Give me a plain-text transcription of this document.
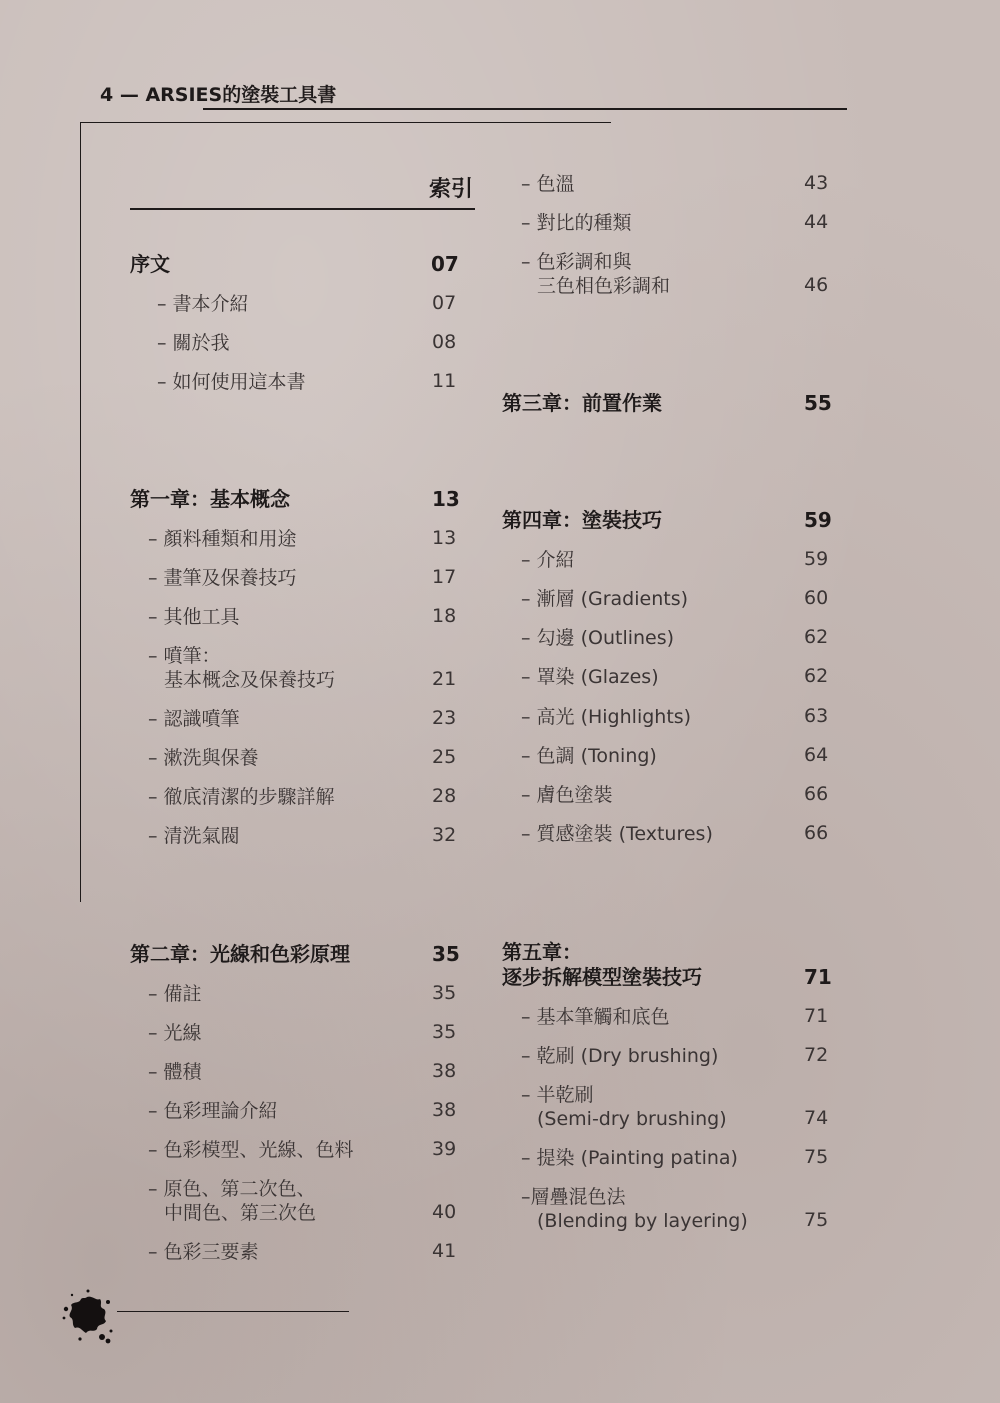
4 — ARSIES的塗裝工具書
索引
序文	07
– 書本介紹	07
– 關於我	08
– 如何使用這本書	11
第一章：基本概念	13
– 顏料種類和用途	13
– 畫筆及保養技巧	17
– 其他工具	18
– 噴筆：
基本概念及保養技巧	21
– 認識噴筆	23
– 漱洗與保養	25
– 徹底清潔的步驟詳解	28
– 清洗氣閥	32
第二章：光線和色彩原理	35
– 備註	35
– 光線	35
– 體積	38
– 色彩理論介紹	38
– 色彩模型、光線、色料	39
– 原色、第二次色、
中間色、第三次色	40
– 色彩三要素	41
– 色溫	43
– 對比的種類	44
– 色彩調和與
三色相色彩調和	46
第三章：前置作業	55
第四章：塗裝技巧	59
– 介紹	59
– 漸層 (Gradients)	60
– 勾邊 (Outlines)	62
– 罩染 (Glazes)	62
– 高光 (Highlights)	63
– 色調 (Toning)	64
– 膚色塗裝	66
– 質感塗裝 (Textures)	66
第五章：
逐步拆解模型塗裝技巧	71
– 基本筆觸和底色	71
– 乾刷 (Dry brushing)	72
– 半乾刷
(Semi-dry brushing)	74
– 提染 (Painting patina)	75
–層疊混色法
(Blending by layering)	75
